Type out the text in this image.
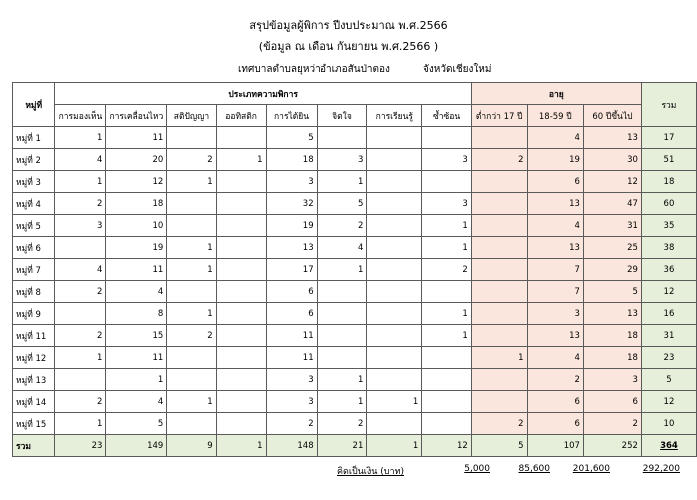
สรุปข้อมูลผู้พิการ ปีงบประมาณ พ.ศ.2566
(ข้อมูล ณ เดือน กันยายน พ.ศ.2566 )
เทศบาลตำบลยุหว่า อำเภอสันป่าตอง	จังหวัดเชียงใหม่
หมู่ที่	ประเภทความพิการ								อายุ			รวม
	การมองเห็น	การเคลื่อนไหว	สติปัญญา	ออทิสติก	การได้ยิน	จิตใจ	การเรียนรู้	ซ้ำซ้อน	ต่ำกว่า 17 ปี	18-59 ปี	60 ปีขึ้นไป	
หมู่ที่ 1	1	11			5					4	13	17
หมู่ที่ 2	4	20	2	1	18	3		3	2	19	30	51
หมู่ที่ 3	1	12	1		3	1				6	12	18
หมู่ที่ 4	2	18			32	5		3		13	47	60
หมู่ที่ 5	3	10			19	2		1		4	31	35
หมู่ที่ 6		19	1		13	4		1		13	25	38
หมู่ที่ 7	4	11	1		17	1		2		7	29	36
หมู่ที่ 8	2	4			6					7	5	12
หมู่ที่ 9		8	1		6			1		3	13	16
หมู่ที่ 11	2	15	2		11			1		13	18	31
หมู่ที่ 12	1	11			11				1	4	18	23
หมู่ที่ 13		1			3	1				2	3	5
หมู่ที่ 14	2	4	1		3	1	1			6	6	12
หมู่ที่ 15	1	5			2	2			2	6	2	10
รวม	23	149	9	1	148	21	1	12	5	107	252	364
คิดเป็นเงิน (บาท)	5,000	85,600	201,600	292,200
